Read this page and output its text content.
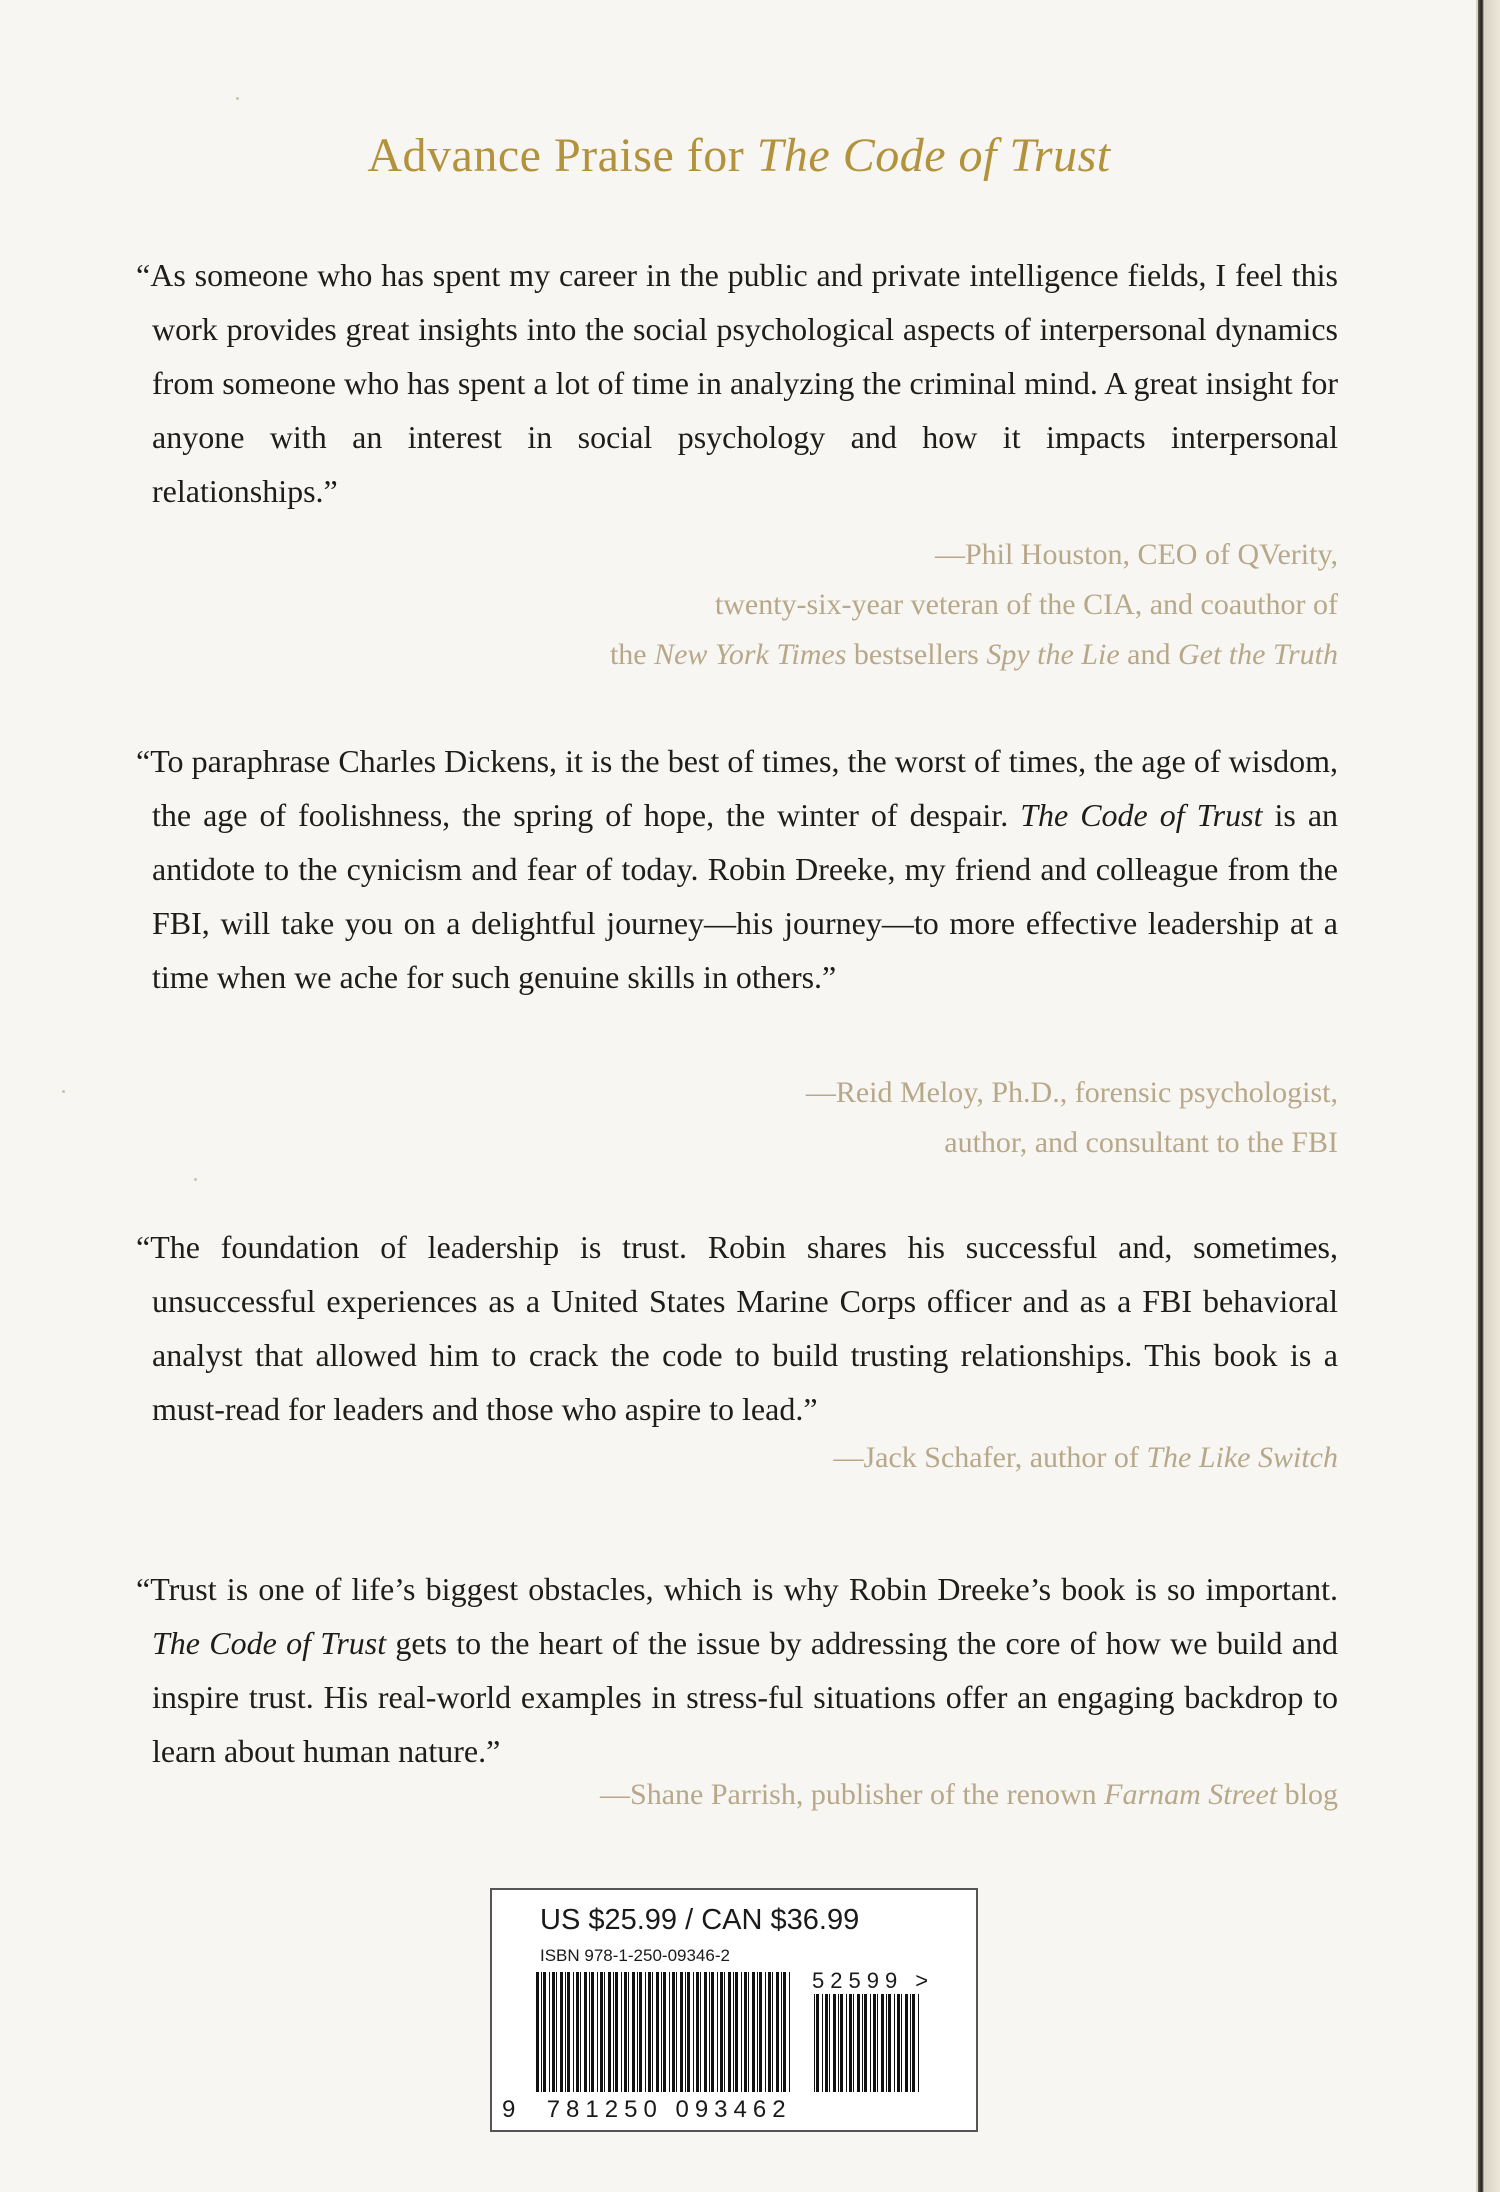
Advance Praise for The Code of Trust
“As someone who has spent my career in the public and private intelligence fields, I feel this work provides great insights into the social psychological aspects of interpersonal dynamics from someone who has spent a lot of time in analyzing the criminal mind. A great insight for anyone with an interest in social psychology and how it impacts interpersonal relationships.”
—Phil Houston, CEO of QVerity,
twenty-six-year veteran of the CIA, and coauthor of
the New York Times bestsellers Spy the Lie and Get the Truth
“To paraphrase Charles Dickens, it is the best of times, the worst of times, the age of wisdom, the age of foolishness, the spring of hope, the winter of despair. The Code of Trust is an antidote to the cynicism and fear of today. Robin Dreeke, my friend and colleague from the FBI, will take you on a delightful journey—his journey—to more effective leadership at a time when we ache for such genuine skills in others.”
—Reid Meloy, Ph.D., forensic psychologist,
author, and consultant to the FBI
“The foundation of leadership is trust. Robin shares his successful and, sometimes, unsuccessful experiences as a United States Marine Corps officer and as a FBI behavioral analyst that allowed him to crack the code to build trusting relationships. This book is a must-read for leaders and those who aspire to lead.”
—Jack Schafer, author of The Like Switch
“Trust is one of life’s biggest obstacles, which is why Robin Dreeke’s book is so important. The Code of Trust gets to the heart of the issue by addressing the core of how we build and inspire trust. His real-world examples in stress-ful situations offer an engaging backdrop to learn about human nature.”
—Shane Parrish, publisher of the renown Farnam Street blog
US $25.99 / CAN $36.99
ISBN 978-1-250-09346-2
52599 >
9 781250 093462
